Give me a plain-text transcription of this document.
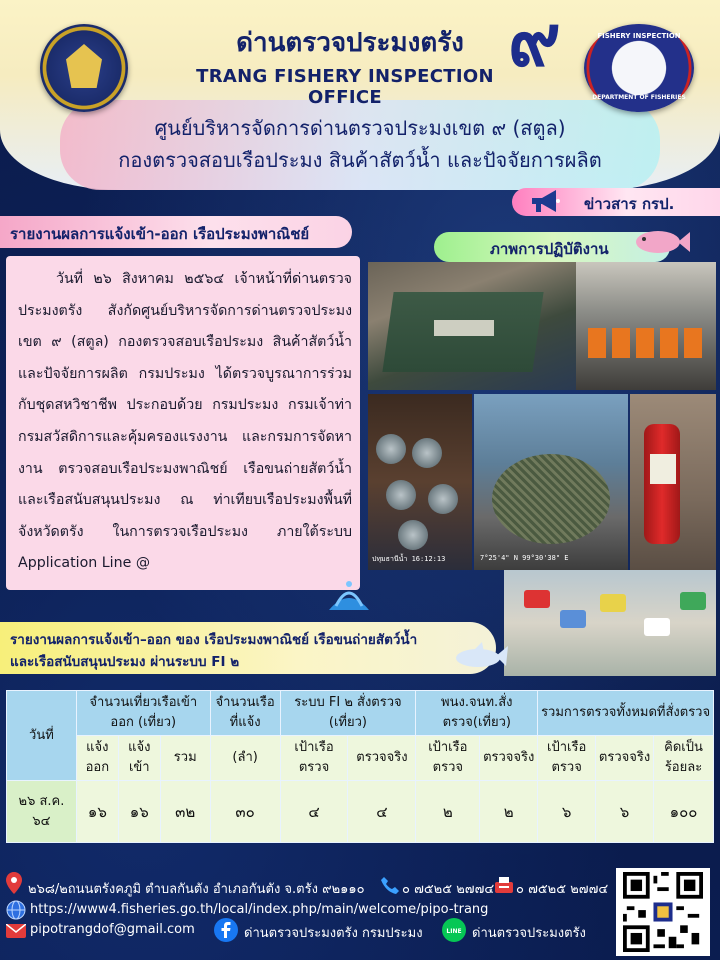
FISHERY INSPECTION
DEPARTMENT OF FISHERIES
๙
ด่านตรวจประมงตรัง
TRANG FISHERY INSPECTION OFFICE
ศูนย์บริหารจัดการด่านตรวจประมงเขต ๙ (สตูล)
กองตรวจสอบเรือประมง สินค้าสัตว์น้ำ และปัจจัยการผลิต
ข่าวสาร กรป.
รายงานผลการแจ้งเข้า-ออก เรือประมงพาณิชย์
ภาพการปฏิบัติงาน

วันที่ ๒๖ สิงหาคม ๒๕๖๔ เจ้าหน้าที่ด่านตรวจประมงตรัง สังกัดศูนย์บริหารจัดการด่านตรวจประมง เขต ๙ (สตูล) กองตรวจสอบเรือประมง สินค้าสัตว์น้ำ และปัจจัยการผลิต กรมประมง ได้ตรวจบูรณาการร่วมกับชุดสหวิชาชีพ ประกอบด้วย กรมประมง กรมเจ้าท่า กรมสวัสดิการและคุ้มครองแรงงาน และกรมการจัดหางาน ตรวจสอบเรือประมงพาณิชย์ เรือขนถ่ายสัตว์น้ำและเรือสนับสนุนประมง ณ ท่าเทียบเรือประมงพื้นที่จังหวัดตรัง ในการตรวจเรือประมง ภายใต้ระบบ Application Line @	ปทุมธานีน้ำ 16:12:13	7°25'4" N 99°30'38" E
รายงานผลการแจ้งเข้า–ออก ของ เรือประมงพาณิชย์ เรือขนถ่ายสัตว์น้ำ
และเรือสนับสนุนประมง ผ่านระบบ FI ๒
วันที่	จำนวนเที่ยวเรือเข้าออก (เที่ยว)			จำนวนเรือที่แจ้ง	ระบบ FI ๒ สั่งตรวจ (เที่ยว)		พนง.จนท.สั่งตรวจ(เที่ยว)		รวมการตรวจทั้งหมดที่สั่งตรวจ		
	แจ้งออก	แจ้งเข้า	รวม	(ลำ)	เป้าเรือตรวจ	ตรวจจริง	เป้าเรือตรวจ	ตรวจจริง	เป้าเรือตรวจ	ตรวจจริง	คิดเป็นร้อยละ
๒๖ ส.ค. ๖๔	๑๖	๑๖	๓๒	๓๐	๔	๔	๒	๒	๖	๖	๑๐๐
๒๖๘/๒ถนนตรังคภูมิ ตำบลกันตัง อำเภอกันตัง จ.ตรัง ๙๒๑๑๐	๐ ๗๕๒๕ ๒๗๗๔ ๐ ๗๕๒๕ ๒๗๗๔
https://www4.fisheries.go.th/local/index.php/main/welcome/pipo-trang
pipotrangdof@gmail.com	ด่านตรวจประมงตรัง กรมประมง	LINE ด่านตรวจประมงตรัง
